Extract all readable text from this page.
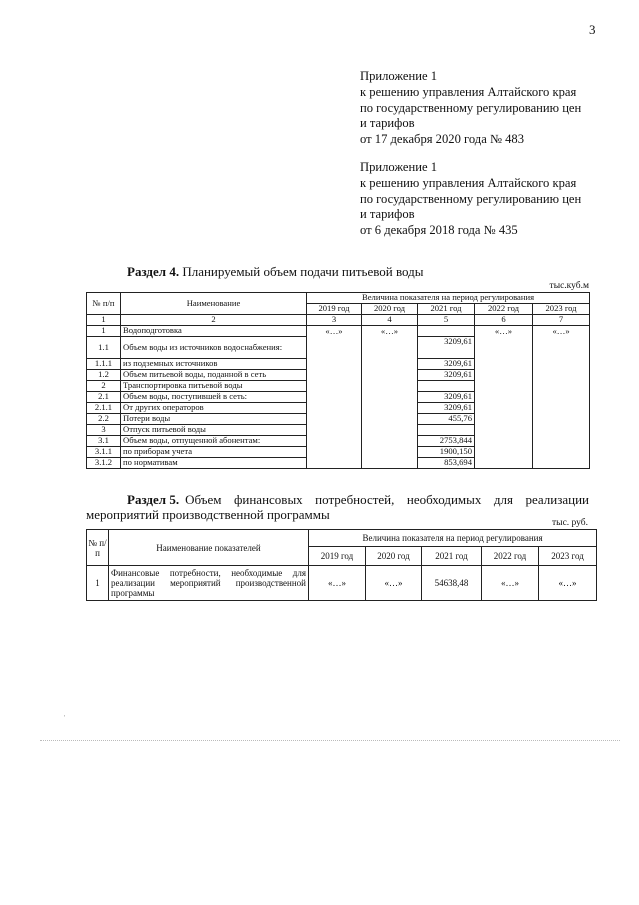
3
Приложение 1
к решению управления Алтайского края
по государственному регулированию цен
и тарифов
от 17 декабря 2020 года № 483
Приложение 1
к решению управления Алтайского края
по государственному регулированию цен
и тарифов
от 6 декабря 2018 года № 435
Раздел 4. Планируемый объем подачи питьевой воды
тыс.куб.м
№ п/п	Наименование	Величина показателя на период регулирования				
		2019 год	2020 год	2021 год	2022 год	2023 год
1	2	3	4	5	6	7
1	Водоподготовка	«…»	«…»		«…»	«…»
1.1	Объем воды из источников водоснабжения:			3209,61		
1.1.1	из подземных источников			3209,61		
1.2	Объем питьевой воды, поданной в сеть			3209,61		
2	Транспортировка питьевой воды					
2.1	Объем воды, поступившей в сеть:			3209,61		
2.1.1	От других операторов			3209,61		
2.2	Потери воды			455,76		
3	Отпуск питьевой воды					
3.1	Объем воды, отпущенной абонентам:			2753,844		
3.1.1	по приборам учета			1900,150		
3.1.2	по нормативам			853,694		
Раздел 5. Объем финансовых потребностей, необходимых для реализации
мероприятий производственной программы
тыс. руб.
№ п/ п	Наименование показателей	Величина показателя на период регулирования				
		2019 год	2020 год	2021 год	2022 год	2023 год
1	Финансовые потребности, необходимые для реализации мероприятий производственной программы	«…»	«…»	54638,48	«…»	«…»
ˈ
